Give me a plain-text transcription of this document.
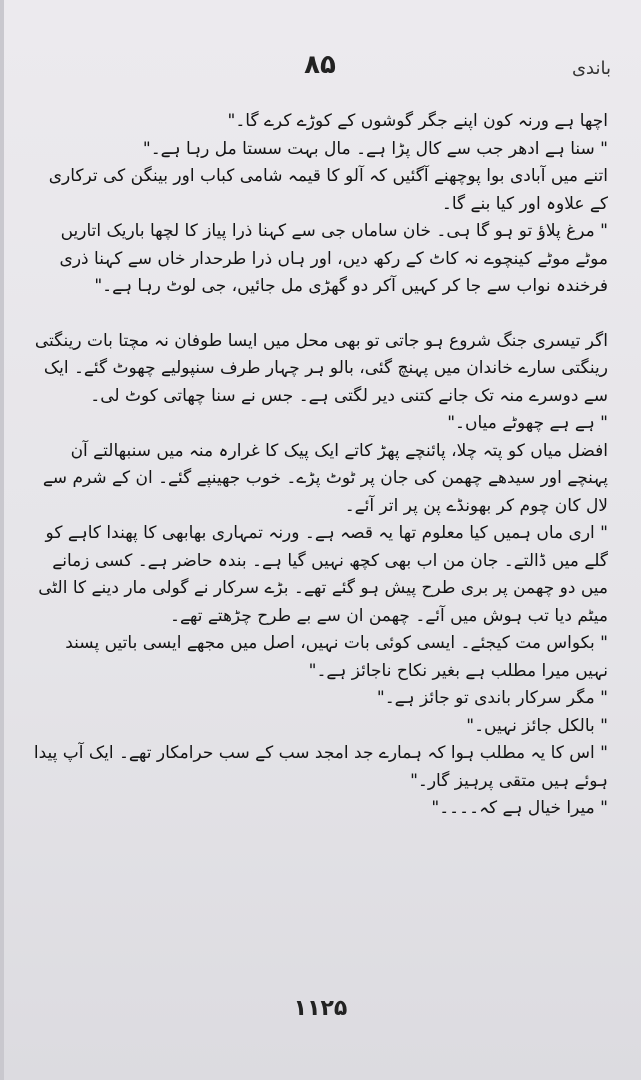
۸۵	باندی

اچھا ہے ورنہ کون اپنے جگر گوشوں کے کوڑے کرے گا۔"

" سنا ہے ادھر جب سے کال پڑا ہے۔ مال بہت سستا مل رہا ہے۔"

اتنے میں آبادی بوا پوچھنے آگئیں کہ آلو کا قیمہ شامی کباب اور بینگن کی ترکاری کے علاوہ اور کیا بنے گا۔

" مرغ پلاؤ تو ہو گا ہی۔ خان ساماں جی سے کہنا ذرا پیاز کا لچھا باریک اتاریں موٹے موٹے کینچوے نہ کاٹ کے رکھ دیں، اور ہاں ذرا طرحدار خاں سے کہنا ذری فرخندہ نواب سے جا کر کہیں آکر دو گھڑی مل جائیں، جی لوٹ رہا ہے۔"

اگر تیسری جنگ شروع ہو جاتی تو بھی محل میں ایسا طوفان نہ مچتا بات رینگتی رینگتی سارے خاندان میں پہنچ گئی، بالو ہر چہار طرف سنپولیے چھوٹ گئے۔ ایک سے دوسرے منہ تک جانے کتنی دیر لگتی ہے۔ جس نے سنا چھاتی کوٹ لی۔

" ہے ہے چھوٹے میاں۔"

افضل میاں کو پتہ چلا، پائنچے پھڑ کاتے ایک پیک کا غرارہ منہ میں سنبھالتے آن پہنچے اور سیدھے چھمن کی جان پر ٹوٹ پڑے۔ خوب جھینپے گئے۔ ان کے شرم سے لال کان چوم کر بھونڈے پن پر اتر آئے۔

" اری ماں ہمیں کیا معلوم تھا یہ قصہ ہے۔ ورنہ تمہاری بھابھی کا پھندا کاہے کو گلے میں ڈالتے۔ جان من اب بھی کچھ نہیں گیا ہے۔ بندہ حاضر ہے۔ کسی زمانے میں دو چھمن پر بری طرح پیش ہو گئے تھے۔ بڑے سرکار نے گولی مار دینے کا الٹی میٹم دیا تب ہوش میں آئے۔ چھمن ان سے بے طرح چڑھتے تھے۔

" بکواس مت کیجئے۔ ایسی کوئی بات نہیں، اصل میں مجھے ایسی باتیں پسند نہیں میرا مطلب ہے بغیر نکاح ناجائز ہے۔"

" مگر سرکار باندی تو جائز ہے۔"

" بالکل جائز نہیں۔"

" اس کا یہ مطلب ہوا کہ ہمارے جد امجد سب کے سب حرامکار تھے۔ ایک آپ پیدا ہوئے ہیں متقی پرہیز گار۔"

" میرا خیال ہے کہ۔۔۔۔"

۱۱۲۵
